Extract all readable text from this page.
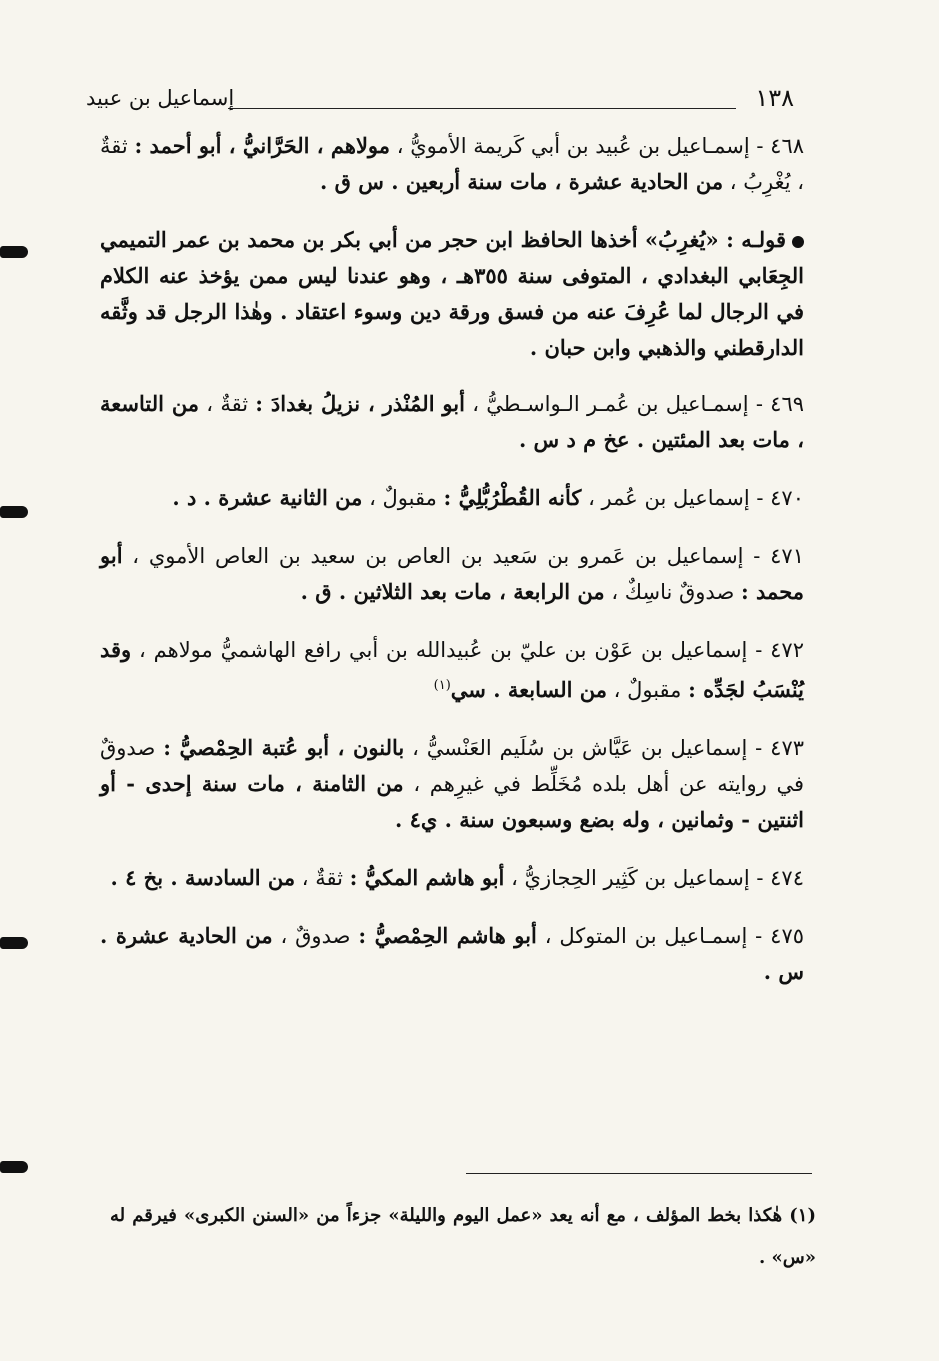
١٣٨
إسماعيل بن عبيد

٤٦٨ - إسمـاعيل بن عُبيد بن أبي كَريمة الأمويُّ ، مولاهم ، الحَرَّانيُّ ، أبو أحمد : ثقةٌ ، يُغْرِبُ ، من الحادية عشرة ، مات سنة أربعين . س ق .

قولـه : «يُغرِبُ» أخذها الحافظ ابن حجر من أبي بكر بن محمد بن عمر التميمي الجِعَابي البغدادي ، المتوفى سنة ٣٥٥هـ ، وهو عندنا ليس ممن يؤخذ عنه الكلام في الرجال لما عُرِفَ عنه من فسق ورقة دين وسوء اعتقاد . وهٰذا الرجل قد وثَّقه الدارقطني والذهبي وابن حبان .

٤٦٩ - إسمـاعيل بن عُمـر الـواسـطيُّ ، أبو المُنْذر ، نزيلُ بغدادَ : ثقةٌ ، من التاسعة ، مات بعد المئتين . عخ م د س .

٤٧٠ - إسماعيل بن عُمر ، كأنه القُطْرُبُّلِيُّ : مقبولٌ ، من الثانية عشرة . د .

٤٧١ - إسماعيل بن عَمرو بن سَعيد بن العاص بن سعيد بن العاص الأموي ، أبو محمد : صدوقٌ ناسِكٌ ، من الرابعة ، مات بعد الثلاثين . ق .

٤٧٢ - إسماعيل بن عَوْن بن عليّ بن عُبيدالله بن أبي رافع الهاشميُّ مولاهم ، وقد يُنْسَبُ لجَدِّه : مقبولٌ ، من السابعة . سي$^{(١)}$

٤٧٣ - إسماعيل بن عَيَّاش بن سُلَيم العَنْسيُّ ، بالنون ، أبو عُتبة الحِمْصيُّ : صدوقٌ في روايته عن أهل بلده مُخَلِّط في غيرِهم ، من الثامنة ، مات سنة إحدى - أو اثنتين - وثمانين ، وله بضع وسبعون سنة . ي٤ .

٤٧٤ - إسماعيل بن كَثِير الحِجازيُّ ، أبو هاشم المكيُّ : ثقةٌ ، من السادسة . بخ ٤ .

٤٧٥ - إسمـاعيل بن المتوكل ، أبو هاشم الحِمْصيُّ : صدوقٌ ، من الحادية عشرة . س .

(١) هٰكذا بخط المؤلف ، مع أنه يعد «عمل اليوم والليلة» جزءاً من «السنن الكبرى» فيرقم له «س» .
